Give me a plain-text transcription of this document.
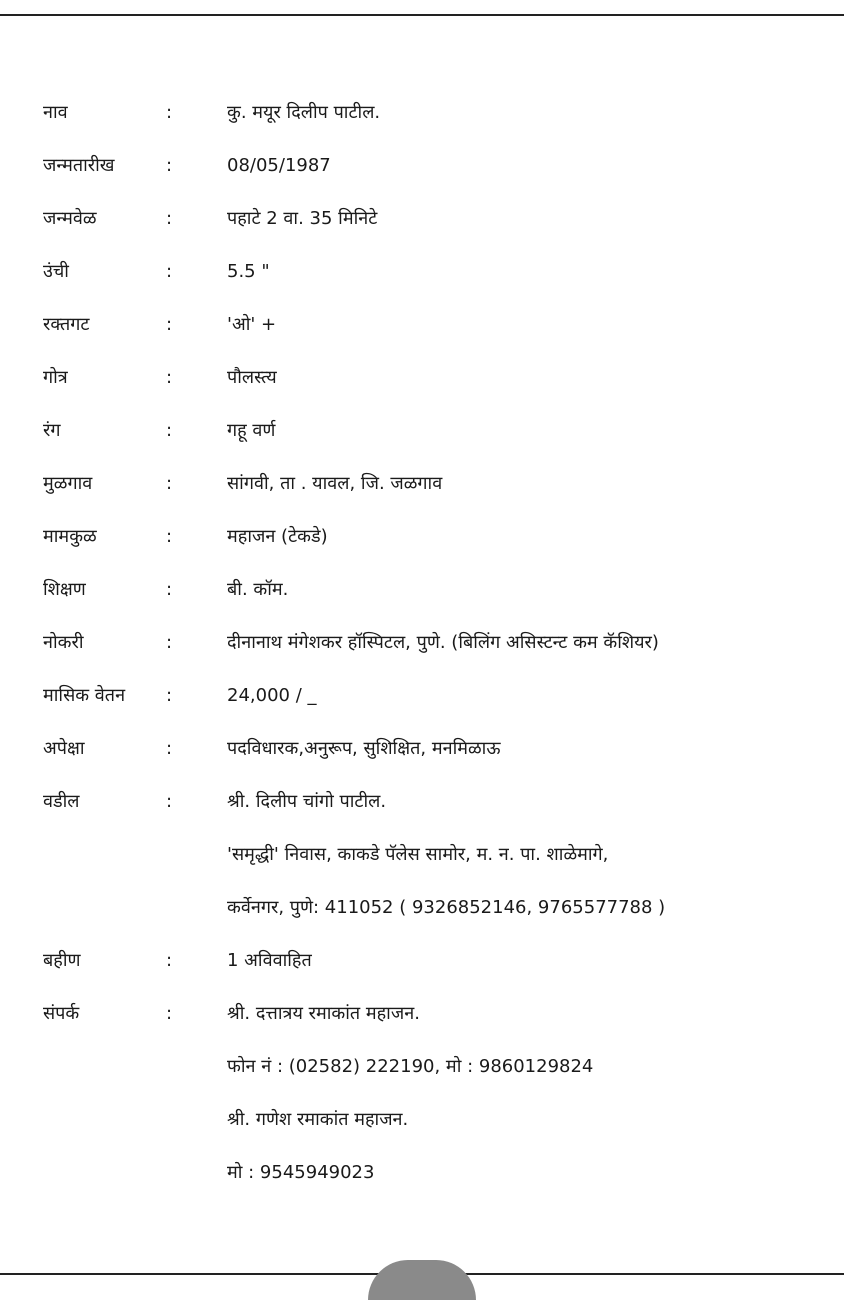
नाव	:	कु. मयूर दिलीप पाटील.
जन्मतारीख	:	08/05/1987
जन्मवेळ	:	पहाटे 2 वा. 35 मिनिटे
उंची	:	5.5 "
रक्तगट	:	'ओ' +
गोत्र	:	पौलस्त्य
रंग	:	गहू वर्ण
मुळगाव	:	सांगवी, ता . यावल, जि. जळगाव
मामकुळ	:	महाजन (टेकडे)
शिक्षण	:	बी. कॉम.
नोकरी	:	दीनानाथ मंगेशकर हॉस्पिटल, पुणे. (बिलिंग असिस्टन्ट कम कॅशियर)
मासिक वेतन :	24,000 / _
अपेक्षा	:	पदविधारक,अनुरूप, सुशिक्षित, मनमिळाऊ
वडील	:	श्री. दिलीप चांगो पाटील.
'समृद्धी' निवास, काकडे पॅलेस सामोर, म. न. पा. शाळेमागे,
कर्वेनगर, पुणे: 411052 ( 9326852146, 9765577788 )
बहीण	:	1 अविवाहित
संपर्क	:	श्री. दत्तात्रय रमाकांत महाजन.
फोन नं : (02582) 222190, मो : 9860129824
श्री. गणेश रमाकांत महाजन.
मो : 9545949023
